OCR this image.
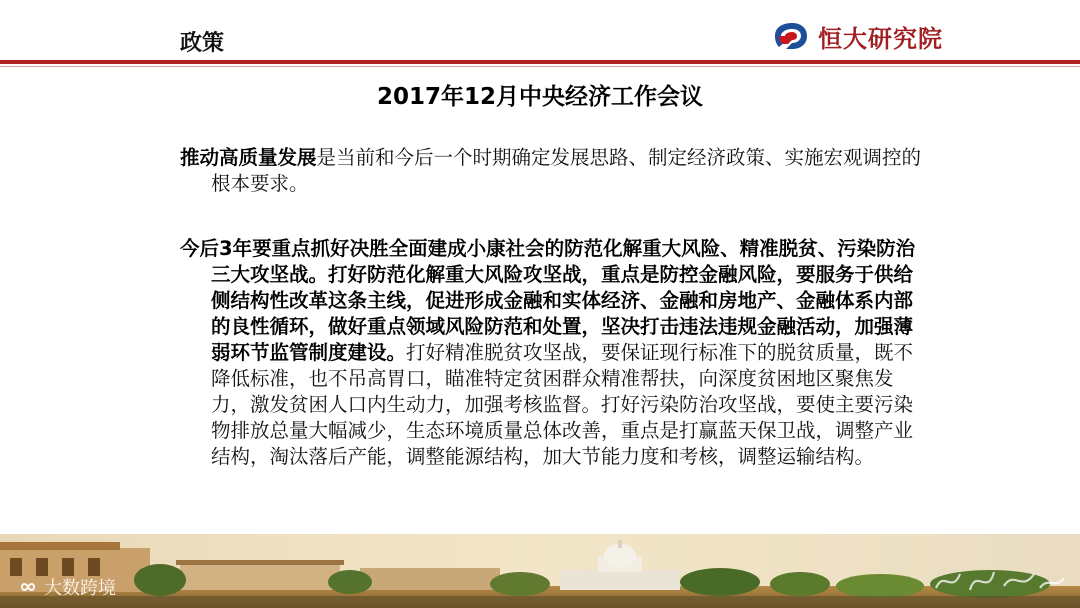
政策	恒大研究院
2017年12月中央经济工作会议
推动高质量发展是当前和今后一个时期确定发展思路、制定经济政策、实施宏观调控的根本要求。
今后3年要重点抓好决胜全面建成小康社会的防范化解重大风险、精准脱贫、污染防治三大攻坚战。打好防范化解重大风险攻坚战，重点是防控金融风险，要服务于供给侧结构性改革这条主线，促进形成金融和实体经济、金融和房地产、金融体系内部的良性循环，做好重点领域风险防范和处置，坚决打击违法违规金融活动，加强薄弱环节监管制度建设。打好精准脱贫攻坚战，要保证现行标准下的脱贫质量，既不降低标准，也不吊高胃口，瞄准特定贫困群众精准帮扶，向深度贫困地区聚焦发力，激发贫困人口内生动力，加强考核监督。打好污染防治攻坚战，要使主要污染物排放总量大幅减少，生态环境质量总体改善，重点是打赢蓝天保卫战，调整产业结构，淘汰落后产能，调整能源结构，加大节能力度和考核，调整运输结构。
大数跨境
